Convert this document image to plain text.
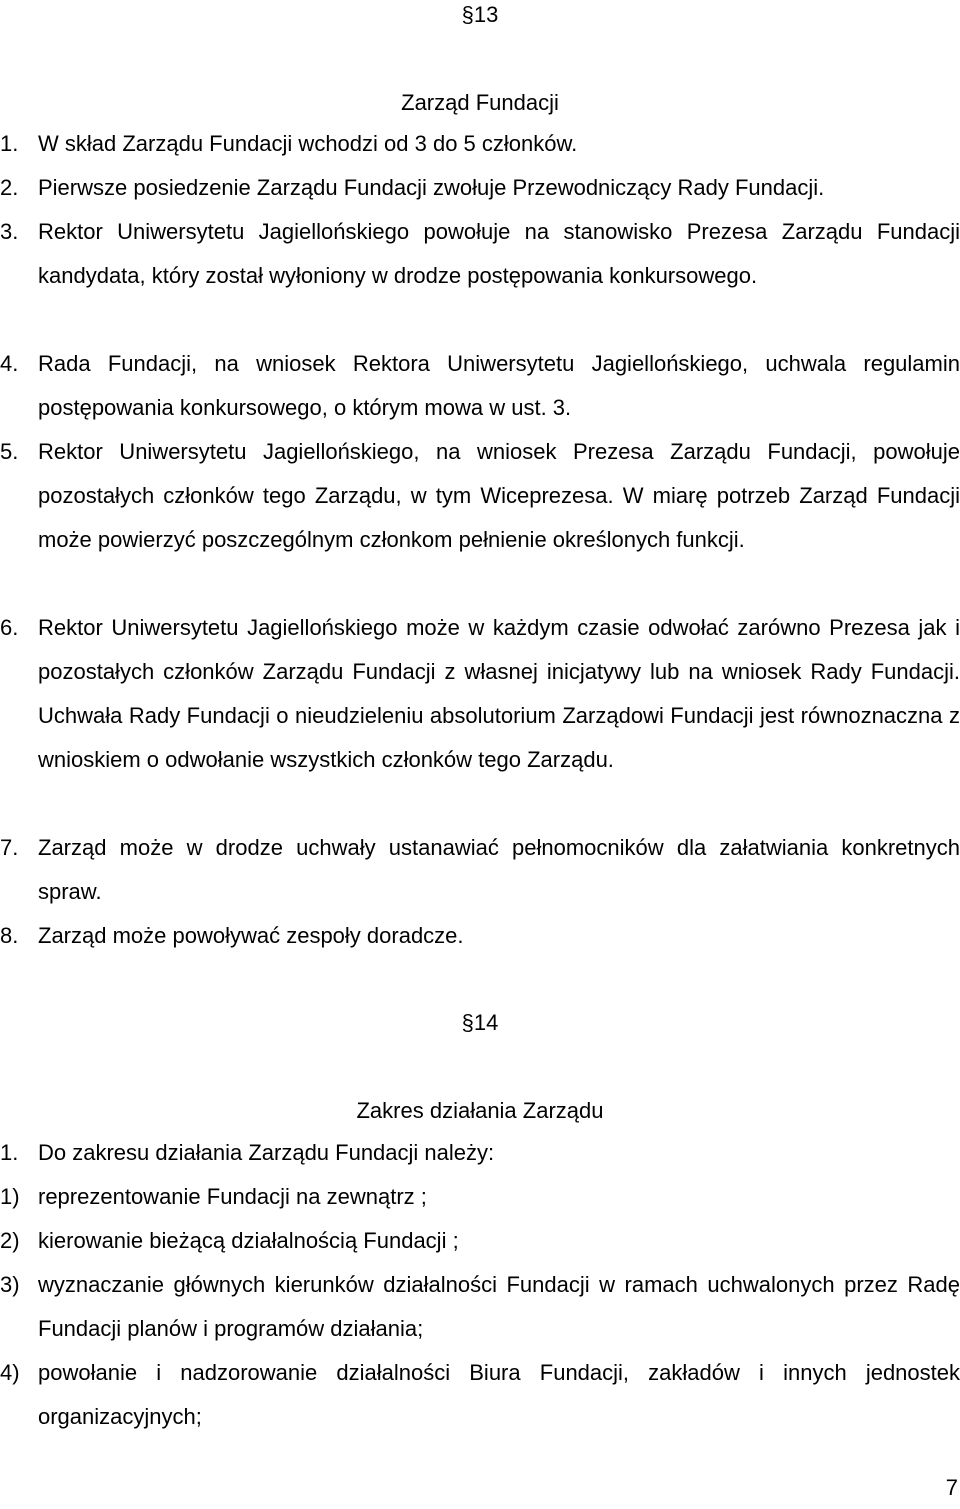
§13
Zarząd Fundacji
1. W skład Zarządu Fundacji wchodzi od 3 do 5 członków.
2. Pierwsze posiedzenie Zarządu Fundacji zwołuje Przewodniczący Rady Fundacji.
3. Rektor Uniwersytetu Jagiellońskiego powołuje na stanowisko Prezesa Zarządu Fundacji kandydata, który został wyłoniony w drodze postępowania konkursowego.
4. Rada Fundacji, na wniosek Rektora Uniwersytetu Jagiellońskiego, uchwala regulamin postępowania konkursowego, o którym mowa w ust. 3.
5. Rektor Uniwersytetu Jagiellońskiego, na wniosek Prezesa Zarządu Fundacji, powołuje pozostałych członków tego Zarządu, w tym Wiceprezesa. W miarę potrzeb Zarząd Fundacji może powierzyć poszczególnym członkom pełnienie określonych funkcji.
6. Rektor Uniwersytetu Jagiellońskiego może w każdym czasie odwołać zarówno Prezesa jak i pozostałych członków Zarządu Fundacji z własnej inicjatywy lub na wniosek Rady Fundacji. Uchwała Rady Fundacji o nieudzieleniu absolutorium Zarządowi Fundacji jest równoznaczna z wnioskiem o odwołanie wszystkich członków tego Zarządu.
7. Zarząd może w drodze uchwały ustanawiać pełnomocników dla załatwiania konkretnych spraw.
8. Zarząd może powoływać zespoły doradcze.
§14
Zakres działania Zarządu
1. Do zakresu działania Zarządu Fundacji należy:
1) reprezentowanie Fundacji na zewnątrz ;
2) kierowanie bieżącą działalnością Fundacji ;
3) wyznaczanie głównych kierunków działalności Fundacji w ramach uchwalonych przez Radę Fundacji planów i programów działania;
4) powołanie i nadzorowanie działalności Biura Fundacji, zakładów i innych jednostek organizacyjnych;
7
